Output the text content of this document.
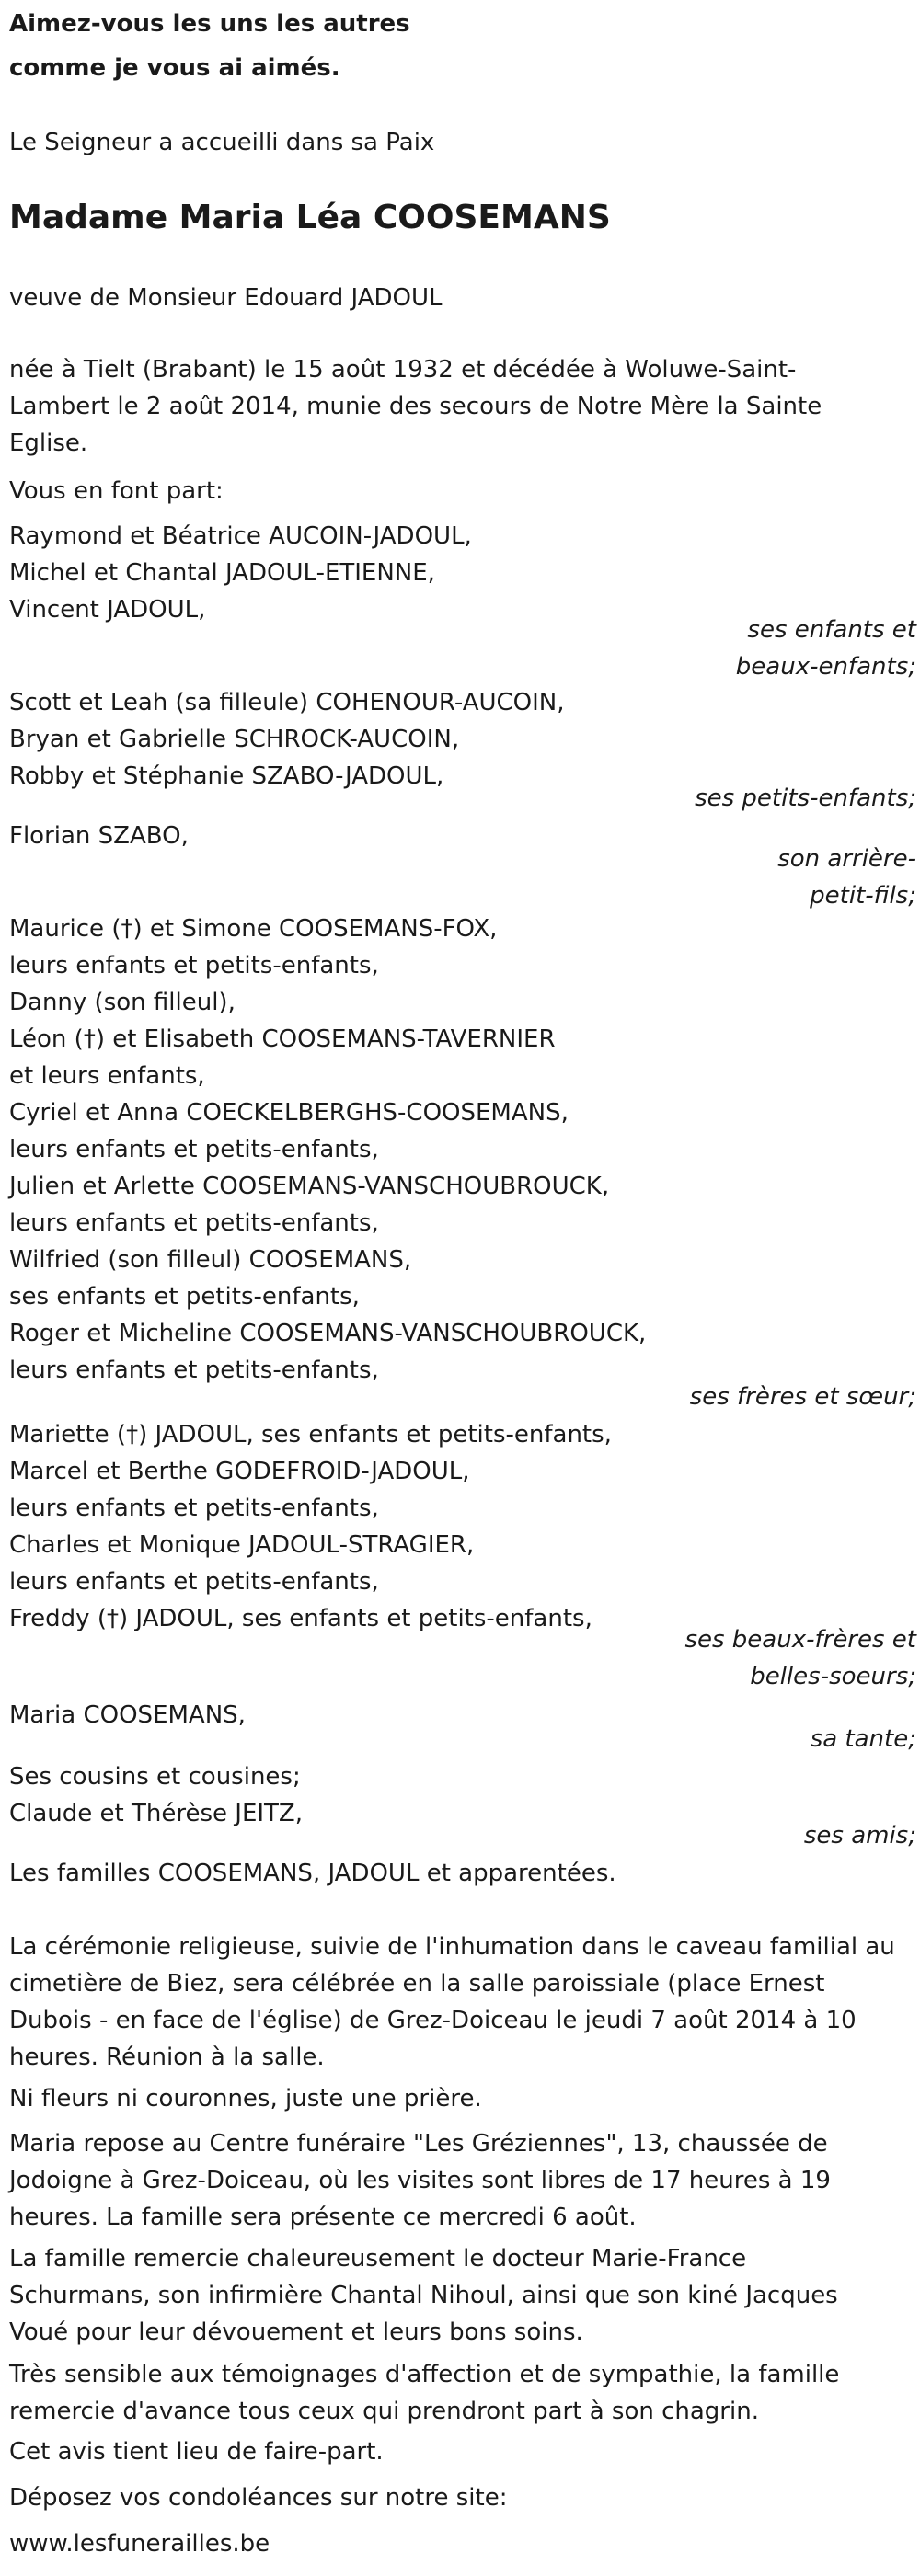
Aimez-vous les uns les autres
comme je vous ai aimés.
Le Seigneur a accueilli dans sa Paix
Madame Maria Léa COOSEMANS
veuve de Monsieur Edouard JADOUL
née à Tielt (Brabant) le 15 août 1932 et décédée à Woluwe-Saint-
Lambert le 2 août 2014, munie des secours de Notre Mère la Sainte
Eglise.
Vous en font part:
Raymond et Béatrice AUCOIN-JADOUL,
Michel et Chantal JADOUL-ETIENNE,
Vincent JADOUL,
ses enfants et
beaux-enfants;
Scott et Leah (sa filleule) COHENOUR-AUCOIN,
Bryan et Gabrielle SCHROCK-AUCOIN,
Robby et Stéphanie SZABO-JADOUL,
ses petits-enfants;
Florian SZABO,
son arrière-
petit-fils;
Maurice (†) et Simone COOSEMANS-FOX,
leurs enfants et petits-enfants,
Danny (son filleul),
Léon (†) et Elisabeth COOSEMANS-TAVERNIER
et leurs enfants,
Cyriel et Anna COECKELBERGHS-COOSEMANS,
leurs enfants et petits-enfants,
Julien et Arlette COOSEMANS-VANSCHOUBROUCK,
leurs enfants et petits-enfants,
Wilfried (son filleul) COOSEMANS,
ses enfants et petits-enfants,
Roger et Micheline COOSEMANS-VANSCHOUBROUCK,
leurs enfants et petits-enfants,
ses frères et sœur;
Mariette (†) JADOUL, ses enfants et petits-enfants,
Marcel et Berthe GODEFROID-JADOUL,
leurs enfants et petits-enfants,
Charles et Monique JADOUL-STRAGIER,
leurs enfants et petits-enfants,
Freddy (†) JADOUL, ses enfants et petits-enfants,
ses beaux-frères et
belles-soeurs;
Maria COOSEMANS,
sa tante;
Ses cousins et cousines;
Claude et Thérèse JEITZ,
ses amis;
Les familles COOSEMANS, JADOUL et apparentées.
La cérémonie religieuse, suivie de l'inhumation dans le caveau familial au
cimetière de Biez, sera célébrée en la salle paroissiale (place Ernest
Dubois - en face de l'église) de Grez-Doiceau le jeudi 7 août 2014 à 10
heures. Réunion à la salle.
Ni fleurs ni couronnes, juste une prière.
Maria repose au Centre funéraire "Les Gréziennes", 13, chaussée de
Jodoigne à Grez-Doiceau, où les visites sont libres de 17 heures à 19
heures. La famille sera présente ce mercredi 6 août.
La famille remercie chaleureusement le docteur Marie-France
Schurmans, son infirmière Chantal Nihoul, ainsi que son kiné Jacques
Voué pour leur dévouement et leurs bons soins.
Très sensible aux témoignages d'affection et de sympathie, la famille
remercie d'avance tous ceux qui prendront part à son chagrin.
Cet avis tient lieu de faire-part.
Déposez vos condoléances sur notre site:
www.lesfunerailles.be
